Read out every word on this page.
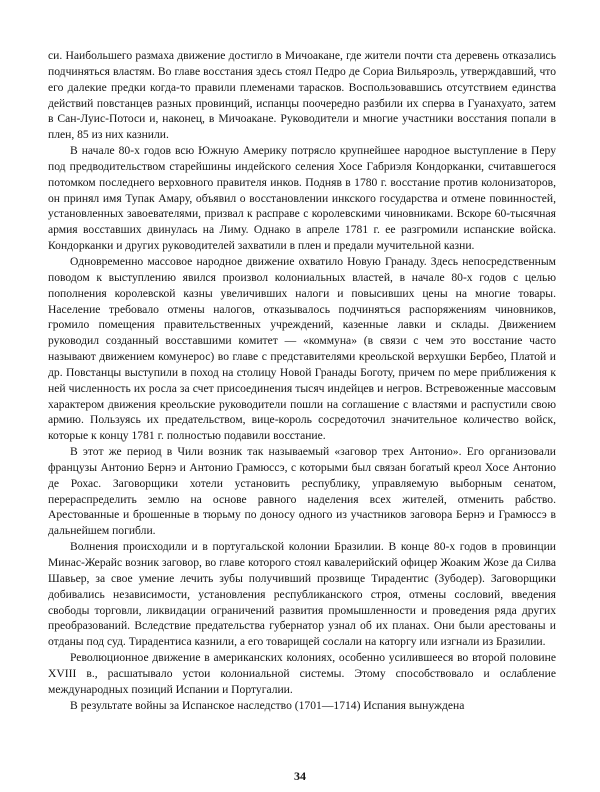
си. Наибольшего размаха движение достигло в Мичоакане, где жители почти ста деревень отказались подчиняться властям. Во главе восстания здесь стоял Педро де Сориа Вильяроэль, утверждавший, что его далекие предки когда-то правили племенами тарасков. Воспользовавшись отсутствием единства действий повстанцев разных провинций, испанцы поочередно разбили их сперва в Гуанахуато, затем в Сан-Луис-Потоси и, наконец, в Мичоакане. Руководители и многие участники восстания попали в плен, 85 из них казнили.

В начале 80-х годов всю Южную Америку потрясло крупнейшее народное выступление в Перу под предводительством старейшины индейского селения Хосе Габриэля Кондорканки, считавшегося потомком последнего верховного правителя инков. Подняв в 1780 г. восстание против колонизаторов, он принял имя Тупак Амару, объявил о восстановлении инкского государства и отмене повинностей, установленных завоевателями, призвал к расправе с королевскими чиновниками. Вскоре 60-тысячная армия восставших двинулась на Лиму. Однако в апреле 1781 г. ее разгромили испанские войска. Кондорканки и других руководителей захватили в плен и предали мучительной казни.

Одновременно массовое народное движение охватило Новую Гранаду. Здесь непосредственным поводом к выступлению явился произвол колониальных властей, в начале 80-х годов с целью пополнения королевской казны увеличивших налоги и повысивших цены на многие товары. Население требовало отмены налогов, отказывалось подчиняться распоряжениям чиновников, громило помещения правительственных учреждений, казенные лавки и склады. Движением руководил созданный восставшими комитет — «коммуна» (в связи с чем это восстание часто называют движением комунерос) во главе с представителями креольской верхушки Бербео, Платой и др. Повстанцы выступили в поход на столицу Новой Гранады Боготу, причем по мере приближения к ней численность их росла за счет присоединения тысяч индейцев и негров. Встревоженные массовым характером движения креольские руководители пошли на соглашение с властями и распустили свою армию. Пользуясь их предательством, вице-король сосредоточил значительное количество войск, которые к концу 1781 г. полностью подавили восстание.

В этот же период в Чили возник так называемый «заговор трех Антонио». Его организовали французы Антонио Бернэ и Антонио Грамюссэ, с которыми был связан богатый креол Хосе Антонио де Рохас. Заговорщики хотели установить республику, управляемую выборным сенатом, перераспределить землю на основе равного наделения всех жителей, отменить рабство. Арестованные и брошенные в тюрьму по доносу одного из участников заговора Бернэ и Грамюссэ в дальнейшем погибли.

Волнения происходили и в португальской колонии Бразилии. В конце 80-х годов в провинции Минас-Жерайс возник заговор, во главе которого стоял кавалерийский офицер Жоаким Жозе да Силва Шавьер, за свое умение лечить зубы получивший прозвище Тирадентис (Зубодер). Заговорщики добивались независимости, установления республиканского строя, отмены сословий, введения свободы торговли, ликвидации ограничений развития промышленности и проведения ряда других преобразований. Вследствие предательства губернатор узнал об их планах. Они были арестованы и отданы под суд. Тирадентиса казнили, а его товарищей сослали на каторгу или изгнали из Бразилии.

Революционное движение в американских колониях, особенно усилившееся во второй половине XVIII в., расшатывало устои колониальной системы. Этому способствовало и ослабление международных позиций Испании и Португалии.

В результате войны за Испанское наследство (1701—1714) Испания вынуждена

34
